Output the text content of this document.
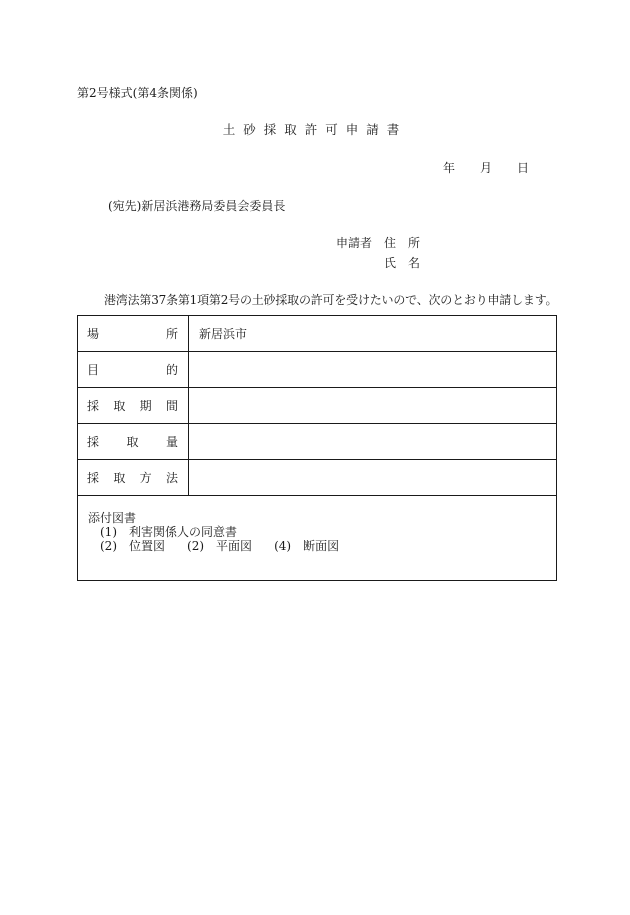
第2号様式(第4条関係)
土砂採取許可申請書
年 月 日
(宛先)新居浜港務局委員会委員長
申請者 住　所
氏　名
港湾法第37条第1項第2号の土砂採取の許可を受けたいので、次のとおり申請します。
場 所	新居浜市

目 的	

採 取 期 間	

採 取 量	

採 取 方 法	

添付図書
(1)　 利害関係人の同意書
(2)　 位置図 (2)　 平面図 (4)　 断面図	
